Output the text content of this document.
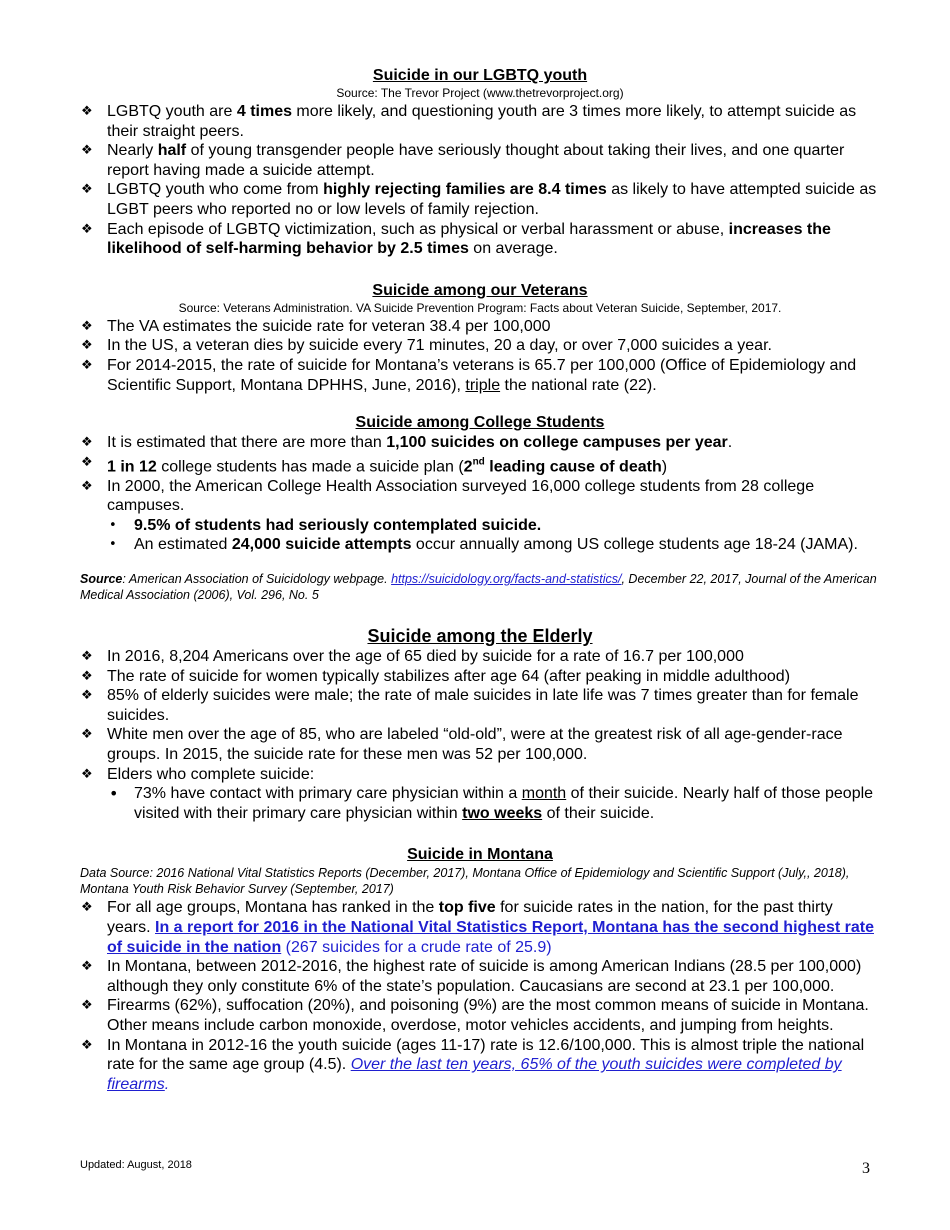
Suicide in our LGBTQ youth

Source: The Trevor Project (www.thetrevorproject.org)

❖ LGBTQ youth are 4 times more likely, and questioning youth are 3 times more likely, to attempt suicide as their straight peers.
❖ Nearly half of young transgender people have seriously thought about taking their lives, and one quarter report having made a suicide attempt.
❖ LGBTQ youth who come from highly rejecting families are 8.4 times as likely to have attempted suicide as LGBT peers who reported no or low levels of family rejection.
❖ Each episode of LGBTQ victimization, such as physical or verbal harassment or abuse, increases the likelihood of self-harming behavior by 2.5 times on average.
Suicide among our Veterans

Source: Veterans Administration. VA Suicide Prevention Program: Facts about Veteran Suicide, September, 2017.

❖ The VA estimates the suicide rate for veteran 38.4 per 100,000
❖ In the US, a veteran dies by suicide every 71 minutes, 20 a day, or over 7,000 suicides a year.
❖ For 2014-2015, the rate of suicide for Montana’s veterans is 65.7 per 100,000 (Office of Epidemiology and Scientific Support, Montana DPHHS, June, 2016), triple the national rate (22).
Suicide among College Students
❖ It is estimated that there are more than 1,100 suicides on college campuses per year.
❖ 1 in 12 college students has made a suicide plan (2nd leading cause of death)
❖ In 2000, the American College Health Association surveyed 16,000 college students from 28 college campuses.
• 9.5% of students had seriously contemplated suicide.
• An estimated 24,000 suicide attempts occur annually among US college students age 18-24 (JAMA).

Source: American Association of Suicidology webpage. https://suicidology.org/facts-and-statistics/, December 22, 2017, Journal of the American Medical Association (2006), Vol. 296, No. 5

Suicide among the Elderly
❖ In 2016, 8,204 Americans over the age of 65 died by suicide for a rate of 16.7 per 100,000
❖ The rate of suicide for women typically stabilizes after age 64 (after peaking in middle adulthood)
❖ 85% of elderly suicides were male; the rate of male suicides in late life was 7 times greater than for female suicides.
❖ White men over the age of 85, who are labeled “old-old”, were at the greatest risk of all age-gender-race groups. In 2015, the suicide rate for these men was 52 per 100,000.
❖ Elders who complete suicide:
• 73% have contact with primary care physician within a month of their suicide. Nearly half of those people visited with their primary care physician within two weeks of their suicide.
Suicide in Montana

Data Source: 2016 National Vital Statistics Reports (December, 2017), Montana Office of Epidemiology and Scientific Support (July,, 2018), Montana Youth Risk Behavior Survey (September, 2017)

❖ For all age groups, Montana has ranked in the top five for suicide rates in the nation, for the past thirty years. In a report for 2016 in the National Vital Statistics Report, Montana has the second highest rate of suicide in the nation (267 suicides for a crude rate of 25.9)
❖ In Montana, between 2012-2016, the highest rate of suicide is among American Indians (28.5 per 100,000) although they only constitute 6% of the state’s population. Caucasians are second at 23.1 per 100,000.
❖ Firearms (62%), suffocation (20%), and poisoning (9%) are the most common means of suicide in Montana. Other means include carbon monoxide, overdose, motor vehicles accidents, and jumping from heights.
❖ In Montana in 2012-16 the youth suicide (ages 11-17) rate is 12.6/100,000. This is almost triple the national rate for the same age group (4.5). Over the last ten years, 65% of the youth suicides were completed by firearms.
Updated: August, 2018	3
